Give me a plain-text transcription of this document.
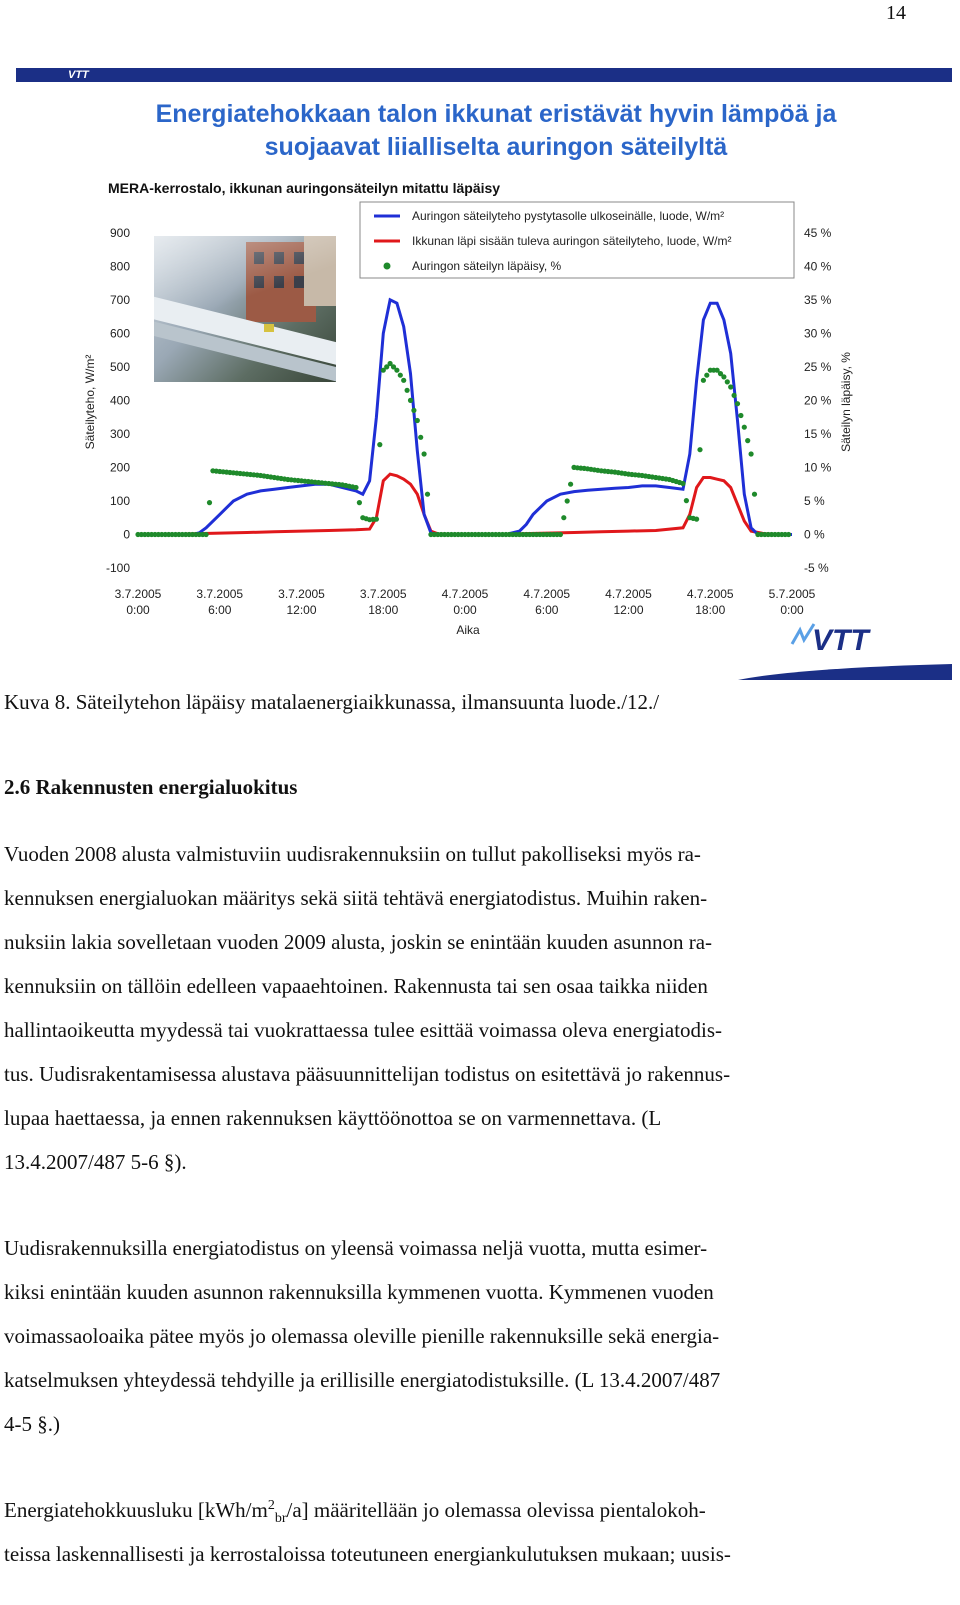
14
VTT
Energiatehokkaan talon ikkunat eristävät hyvin lämpöä ja
suojaavat liialliselta auringon säteilyltä
MERA-kerrostalo, ikkunan auringonsäteilyn mitattu läpäisy
900
800
700
600
500
400
300
200
100
0
-100
45 %
40 %
35 %
30 %
25 %
20 %
15 %
10 %
5 %
0 %
-5 %
3.7.2005
0:00
3.7.2005
6:00
3.7.2005
12:00
3.7.2005
18:00
4.7.2005
0:00
4.7.2005
6:00
4.7.2005
12:00
4.7.2005
18:00
5.7.2005
0:00
Aika
Säteilyteho, W/m²	Säteilyn läpäisy, %
Auringon säteilyteho pystytasolle ulkoseinälle, luode, W/m²
Ikkunan läpi sisään tuleva auringon säteilyteho, luode, W/m²
Auringon säteilyn läpäisy, %
VTT
Kuva 8. Säteilytehon läpäisy matalaenergiaikkunassa, ilmansuunta luode./12./
2.6 Rakennusten energialuokitus

Vuoden 2008 alusta valmistuviin uudisrakennuksiin on tullut pakolliseksi myös ra-
kennuksen energialuokan määritys sekä siitä tehtävä energiatodistus. Muihin raken-
nuksiin lakia sovelletaan vuoden 2009 alusta, joskin se enintään kuuden asunnon ra-
kennuksiin on tällöin edelleen vapaaehtoinen. Rakennusta tai sen osaa taikka niiden
hallintaoikeutta myydessä tai vuokrattaessa tulee esittää voimassa oleva energiatodis-
tus. Uudisrakentamisessa alustava pääsuunnittelijan todistus on esitettävä jo rakennus-
lupaa haettaessa, ja ennen rakennuksen käyttöönottoa se on varmennettava. (L
13.4.2007/487 5-6 §).

Uudisrakennuksilla energiatodistus on yleensä voimassa neljä vuotta, mutta esimer-
kiksi enintään kuuden asunnon rakennuksilla kymmenen vuotta. Kymmenen vuoden
voimassaoloaika pätee myös jo olemassa oleville pienille rakennuksille sekä energia-
katselmuksen yhteydessä tehdyille ja erillisille energiatodistuksille. (L 13.4.2007/487
4-5 §.)

Energiatehokkuusluku $[kWh/m^2_{br}/a]$ määritellään jo olemassa olevissa pientalokoh-
teissa laskennallisesti ja kerrostaloissa toteutuneen energiankulutuksen mukaan; uusis-
